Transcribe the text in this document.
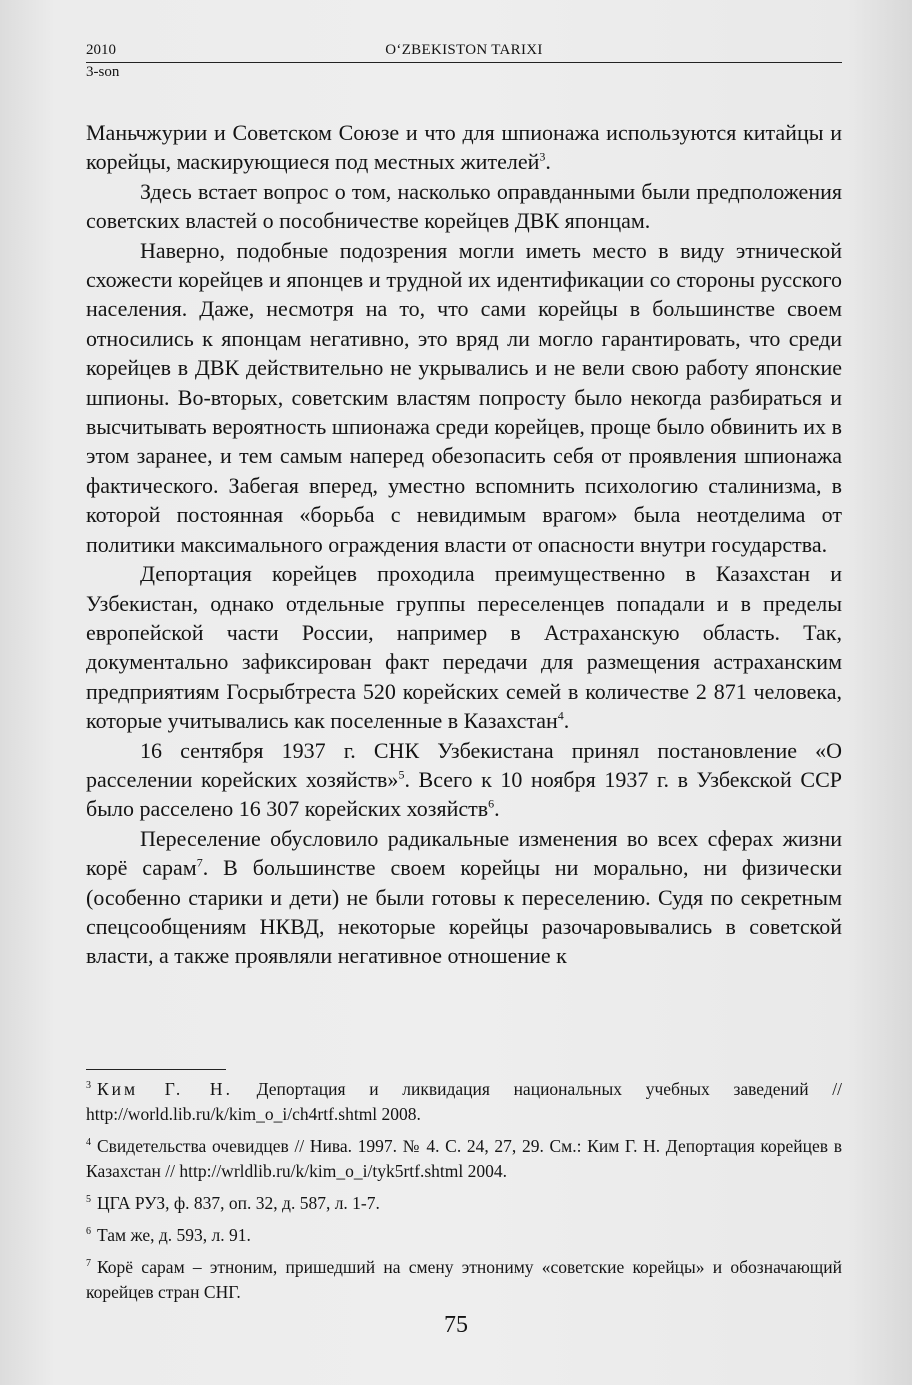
2010	O‘ZBEKISTON TARIXI
3-son

Маньчжурии и Советском Союзе и что для шпионажа используются китайцы и корейцы, маскирующиеся под местных жителей$^3$.

Здесь встает вопрос о том, насколько оправданными были предположения советских властей о пособничестве корейцев ДВК японцам.

Наверно, подобные подозрения могли иметь место в виду этнической схожести корейцев и японцев и трудной их идентификации со стороны русского населения. Даже, несмотря на то, что сами корейцы в большинстве своем относились к японцам негативно, это вряд ли могло гарантировать, что среди корейцев в ДВК действительно не укрывались и не вели свою работу японские шпионы. Во-вторых, советским властям попросту было некогда разбираться и высчитывать вероятность шпионажа среди корейцев, проще было обвинить их в этом заранее, и тем самым наперед обезопасить себя от проявления шпионажа фактического. Забегая вперед, уместно вспомнить психологию сталинизма, в которой постоянная «борьба с невидимым врагом» была неотделима от политики максимального ограждения власти от опасности внутри государства.

Депортация корейцев проходила преимущественно в Казахстан и Узбекистан, однако отдельные группы переселенцев попадали и в пределы европейской части России, например в Астраханскую область. Так, документально зафиксирован факт передачи для размещения астраханским предприятиям Госрыбтреста 520 корейских семей в количестве 2 871 человека, которые учитывались как поселенные в Казахстан$^4$.

16 сентября 1937 г. СНК Узбекистана принял постановление «О расселении корейских хозяйств»$^5$. Всего к 10 ноября 1937 г. в Узбекской ССР было расселено 16 307 корейских хозяйств$^6$.

Переселение обусловило радикальные изменения во всех сферах жизни корё сарам$^7$. В большинстве своем корейцы ни морально, ни физически (особенно старики и дети) не были готовы к переселению. Судя по секретным спецсообщениям НКВД, некоторые корейцы разочаровывались в советской власти, а также проявляли негативное отношение к

$^3$ Ким Г. Н. Депортация и ликвидация национальных учебных заведений // http://world.lib.ru/k/kim_o_i/ch4rtf.shtml 2008.

$^4$ Свидетельства очевидцев // Нива. 1997. № 4. С. 24, 27, 29. См.: Ким Г. Н. Депортация корейцев в Казахстан // http://wrldlib.ru/k/kim_o_i/tyk5rtf.shtml 2004.

$^5$ ЦГА РУЗ, ф. 837, оп. 32, д. 587, л. 1-7.

$^6$ Там же, д. 593, л. 91.

$^7$ Корё сарам – этноним, пришедший на смену этнониму «советские корейцы» и обозначающий корейцев стран СНГ.

75
